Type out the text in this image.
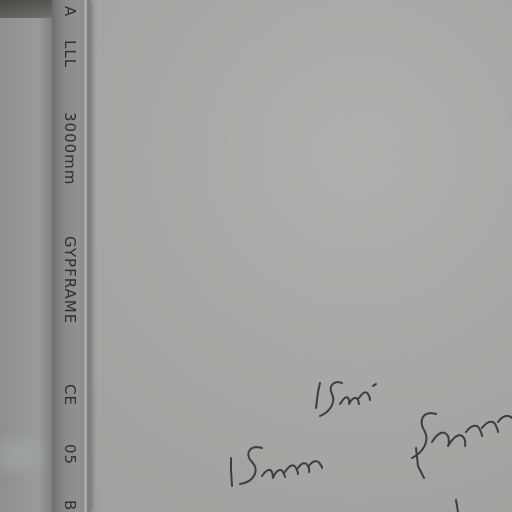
A
LLL
3000mm
GYPFRAME
CE
05
B
